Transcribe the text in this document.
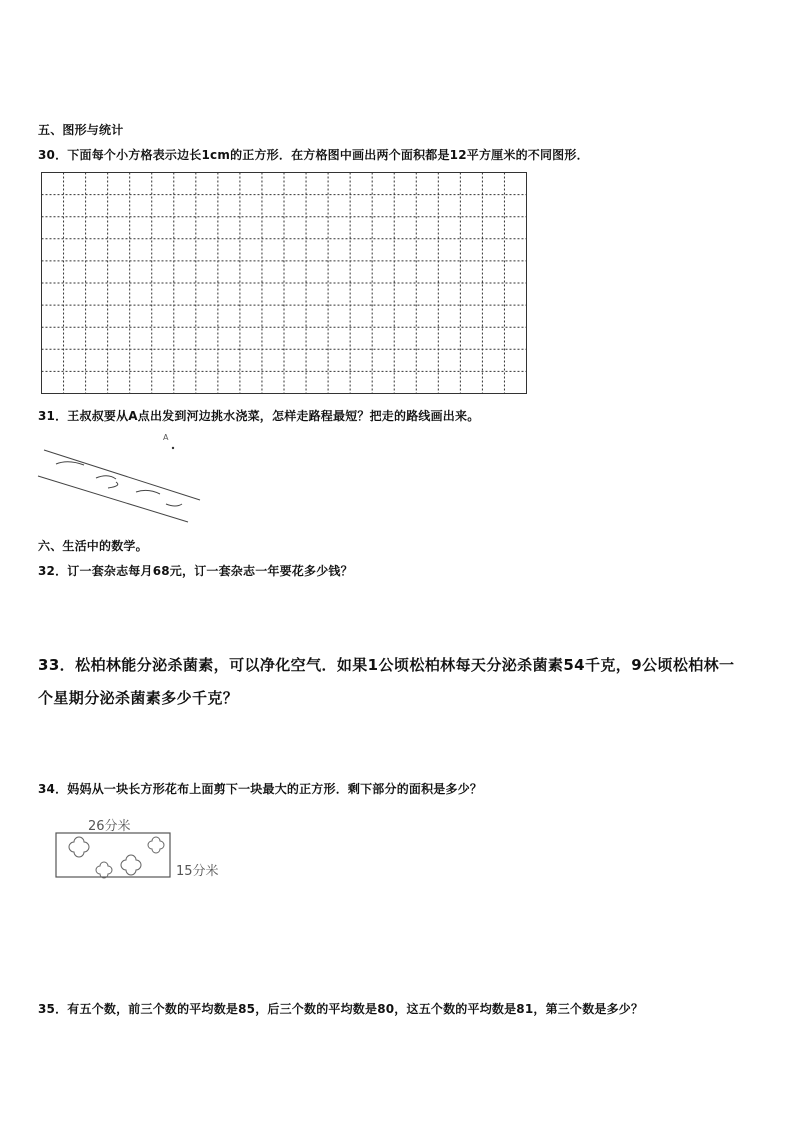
五、图形与统计
30．下面每个小方格表示边长1cm的正方形．在方格图中画出两个面积都是12平方厘米的不同图形．
31．王叔叔要从A点出发到河边挑水浇菜，怎样走路程最短？把走的路线画出来。
A
六、生活中的数学。
32．订一套杂志每月68元，订一套杂志一年要花多少钱？
33．松柏林能分泌杀菌素，可以净化空气．如果1公顷松柏林每天分泌杀菌素54千克，9公顷松柏林一
个星期分泌杀菌素多少千克？
34．妈妈从一块长方形花布上面剪下一块最大的正方形．剩下部分的面积是多少？
26分米
15分米
35．有五个数，前三个数的平均数是85，后三个数的平均数是80，这五个数的平均数是81，第三个数是多少？
